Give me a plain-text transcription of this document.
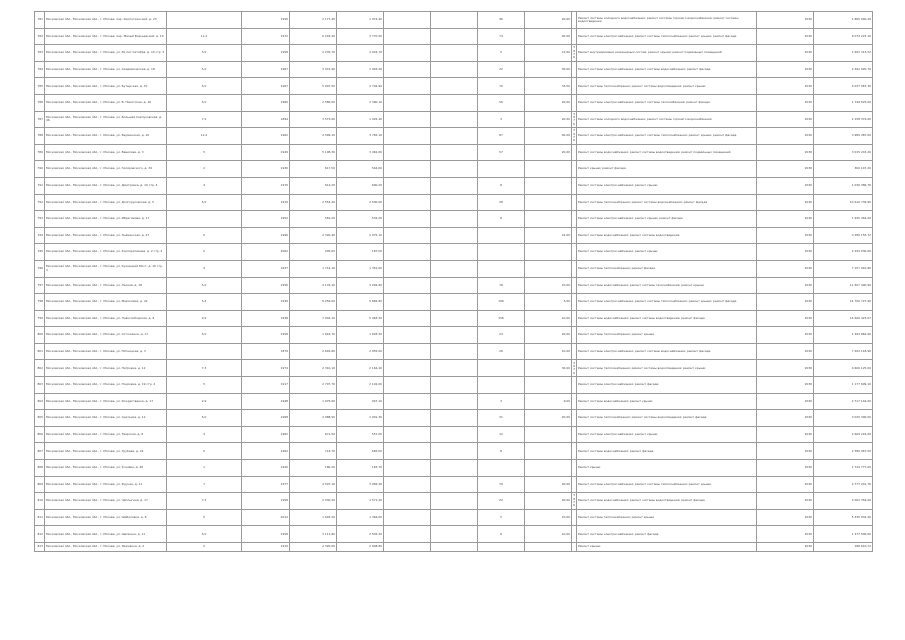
781	Московская обл., Московская обл., г. Москва, пер. Кропоткинский, д. 23		1956	2 177,40	1 974,40			96	20,00		Ремонт системы холодного водоснабжения; ремонт системы горячего водоснабжения; ремонт системы водоотведения	2030	1 865 040,20
782	Московская обл., Московская обл., г. Москва, пер. Малый Власьевский, д. 10	11,2	1972	6 203,40	3 770,50			74	40,00		Ремонт системы электроснабжения; ремонт системы теплоснабжения; ремонт крыши; ремонт фасада	2030	6 074 223,10
783	Московская обл., Московская обл., г. Москва, ул. 50 лет Октября, д. 10 стр. 5	5,0	1958	2 235,70	2 043,70			5	21,00	3976	Ремонт внутридомовых инженерных систем; ремонт крыши; ремонт подвальных помещений	2030	1 693 313,52
784	Московская обл., Московская обл., г. Москва, ул. Академическая, д. 18	5,0	1967	3 072,90	1 903,20			22	30,00		Ремонт системы электроснабжения; ремонт системы водоснабжения; ремонт фасада	2030	2 392 020,70
785	Московская обл., Московская обл., г. Москва, ул. Бутырская, д. 70	5,0	1967	5 097,50	2 704,90			70	33,00		Ремонт системы теплоснабжения; ремонт системы водоотведения; ремонт крыши	2030	4 037 067,30
786	Московская обл., Московская обл., г. Москва, ул. Б. Никитская, д. 16	5,0	1960	2 580,00	2 360,10			56	20,00		Ремонт системы электроснабжения; ремонт системы газоснабжения; ремонт фасада	2030	1 749 525,00
787	Московская обл., Московская обл., г. Москва, ул. Большая Серпуховская, д. 46	7,2	1894	3 573,00	1 425,40			3	20,00	3976	Ремонт системы холодного водоснабжения; ремонт системы горячего водоснабжения	2030	2 158 374,00
788	Московская обл., Московская обл., г. Москва, ул. Бауманская, д. 10	11,2	1962	4 509,10	3 765,10			87	40,00	3976	Ремонт системы электроснабжения; ремонт системы теплоснабжения; ремонт крыши; ремонт фасада	2030	3 989 487,00
789	Московская обл., Московская обл., г. Москва, ул. Вавилова, д. 3	5	1949	5 108,30	3 462,60			57	20,00		Ремонт системы водоснабжения; ремонт системы водоотведения; ремонт подвальных помещений	2030	3 015 243,20
790	Московская обл., Московская обл., г. Москва, ул. Гиляровского, д. 39	2	1930	617,50	544,60						Ремонт крыши; ремонт фасада	2030	360 147,20
791	Московская обл., Московская обл., г. Москва, ул. Дмитровка, д. 10 стр. 4	4	1970	614,20	600,20			8			Ремонт системы электроснабжения; ремонт крыши	2030	1 036 386,76
792	Московская обл., Московская обл., г. Москва, ул. Долгоруковская, д. 5	5,0	1979	2 553,20	2 500,00			28			Ремонт системы теплоснабжения; ремонт системы водоснабжения; ремонт фасада	2030	10 610 739,90
793	Московская обл., Московская обл., г. Москва, ул. Ибрагимова, д. 17		1952	581,20	534,20			8			Ремонт системы электроснабжения; ремонт крыши; ремонт фасада	2030	1 945 364,00
794	Московская обл., Московская обл., г. Москва, ул. Знаменская, д. 27	5	1996	2 320,40	2 075,10				22,00		Ремонт системы водоснабжения; ремонт системы водоотведения	2030	3 280 155,72
795	Московская обл., Московская обл., г. Москва, ул. Кооперативная, д. 2 стр. 4	2	2002	205,00	187,00						Ремонт системы электроснабжения; ремонт крыши	2030	2 294 030,00
796	Московская обл., Московская обл., г. Москва, ул. Кузнецкий Мост, д. 10 стр. 3	4	1937	1 714,10	1 351,00						Ремонт системы теплоснабжения; ремонт фасада	2030	7 157 910,80
797	Московская обл., Московская обл., г. Москва, ул. Лесная, д. 18	5,0	1956	4 176,10	3 292,80			18	10,00		Ремонт системы водоснабжения; ремонт системы газоснабжения; ремонт крыши	2030	11 507 400,90
798	Московская обл., Московская обл., г. Москва, ул. Маросейка, д. 22	5,2	1939	6 259,00	5 865,80			106	5,00		Ремонт системы электроснабжения; ремонт системы теплоснабжения; ремонт крыши; ремонт фасада	2030	14 700 727,90
799	Московская обл., Московская обл., г. Москва, ул. Новослободская, д. 9	4,9	1938	7 004,10	5 963,20			156	10,00		Ремонт системы водоснабжения; ремонт системы водоотведения; ремонт фасада	2030	16 606 423,07
800	Московская обл., Московская обл., г. Москва, ул. Остоженка, д. 17	5,0	1958	1 616,70	1 603,20			24	20,00		Ремонт системы теплоснабжения; ремонт крыши	2030	1 493 864,60
801	Московская обл., Московская обл., г. Москва, ул. Пятницкая, д. 3		1879	2 691,60	2 055,00			26	10,00		Ремонт системы электроснабжения; ремонт системы водоснабжения; ремонт фасада	2030	7 202 118,90
802	Московская обл., Московская обл., г. Москва, ул. Петровка, д. 12	7,3	1974	2 310,10	2 164,20				30,00	3976	Ремонт системы теплоснабжения; ремонт системы водоотведения; ремонт крыши	2030	4 606 125,00
803	Московская обл., Московская обл., г. Москва, ул. Покровка, д. 19 стр. 2	5	1917	2 707,70	2 102,00						Ремонт системы электроснабжения; ремонт фасада	2030	1 177 699,10
804	Московская обл., Московская обл., г. Москва, ул. Рождественка, д. 17	2,9	1948	1 075,00	947,10			3	9,00		Ремонт системы водоснабжения; ремонт крыши	2030	2 717 144,00
805	Московская обл., Московская обл., г. Москва, ул. Сретенка, д. 12	5,0	1968	2 088,50	1 901,30			31	20,00		Ремонт системы теплоснабжения; ремонт системы водоотведения; ремонт фасада	2030	3 020 300,00
806	Московская обл., Московская обл., г. Москва, ул. Тверская, д. 8	4	1962	671,50	557,00			12			Ремонт системы электроснабжения; ремонт крыши	2030	2 609 224,00
807	Московская обл., Московская обл., г. Москва, ул. Трубная, д. 24	5	1962	714,70	665,00			8			Ремонт системы водоснабжения; ремонт фасада	2030	2 380 967,00
808	Московская обл., Московская обл., г. Москва, ул. Усачёва, д. 40	1	1920	180,20	163,70						Ремонт крыши	2030	1 744 777,00
809	Московская обл., Московская обл., г. Москва, ул. Фрунзе, д. 11	7	1977	4 507,10	3 956,30			79	20,00		Ремонт системы электроснабжения; ремонт системы теплоснабжения; ремонт крыши	2030	4 777 241,76
810	Московская обл., Московская обл., г. Москва, ул. Чаплыгина, д. 17	7,3	1958	2 030,20	1 571,20			22	20,00	3976	Ремонт системы водоснабжения; ремонт системы водоотведения; ремонт фасада	2030	4 002 354,00
811	Московская обл., Московская обл., г. Москва, ул. Шаболовка, д. 8	5	2012	1 645,20	1 364,00			5	10,00		Ремонт системы теплоснабжения; ремонт крыши	2030	5 330 932,40
812	Московская обл., Московская обл., г. Москва, ул. Щепкина, д. 11	5,0	1958	3 111,80	2 502,20			6	10,00		Ремонт системы электроснабжения; ремонт фасада	2030	1 377 500,00
813	Московская обл., Московская обл., г. Москва, ул. Якиманка, д. 2	2	1979	2 320,00	2 048,80						Ремонт крыши	2030	188 610,72
